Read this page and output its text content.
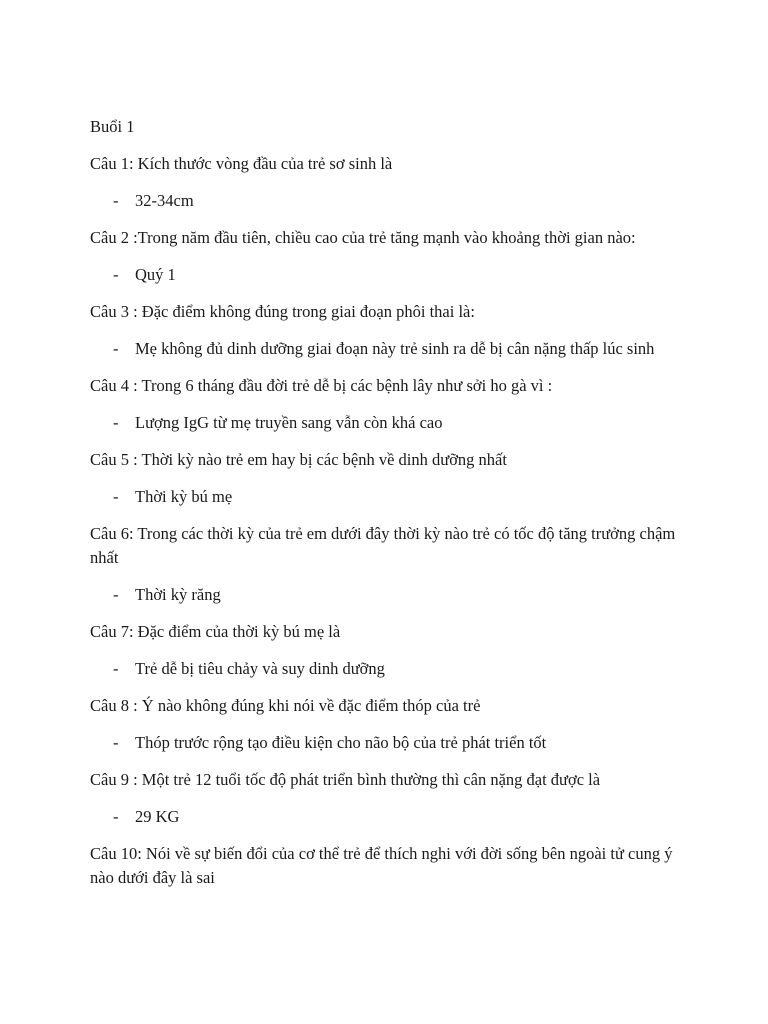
Buổi 1
Câu 1: Kích thước vòng đầu của trẻ sơ sinh là
-	32-34cm
Câu 2 :Trong năm đầu tiên, chiều cao của trẻ tăng mạnh vào khoảng thời gian nào:
-	Quý 1
Câu 3 : Đặc điểm không đúng trong giai đoạn phôi thai là:
-	Mẹ không đủ dinh dưỡng giai đoạn này trẻ sinh ra dễ bị cân nặng thấp lúc sinh
Câu 4 : Trong 6 tháng đầu đời trẻ dễ bị các bệnh lây như sởi ho gà vì :
-	Lượng IgG từ mẹ truyền sang vẫn còn khá cao
Câu 5 : Thời kỳ nào trẻ em hay bị các bệnh về dinh dưỡng nhất
-	Thời kỳ bú mẹ
Câu 6: Trong các thời kỳ của trẻ em dưới đây thời kỳ nào trẻ có tốc độ tăng trưởng chậm nhất
-	Thời kỳ răng
Câu 7: Đặc điểm của thời kỳ bú mẹ là
-	Trẻ dễ bị tiêu chảy và suy dinh dưỡng
Câu 8 : Ý nào không đúng khi nói về đặc điểm thóp của trẻ
-	Thóp trước rộng tạo điều kiện cho não bộ của trẻ phát triển tốt
Câu 9 : Một trẻ 12 tuổi tốc độ phát triển bình thường thì cân nặng đạt được là
-	29 KG
Câu 10: Nói về sự biến đổi của cơ thể trẻ để thích nghi với đời sống bên ngoài tử cung ý nào dưới đây là sai
